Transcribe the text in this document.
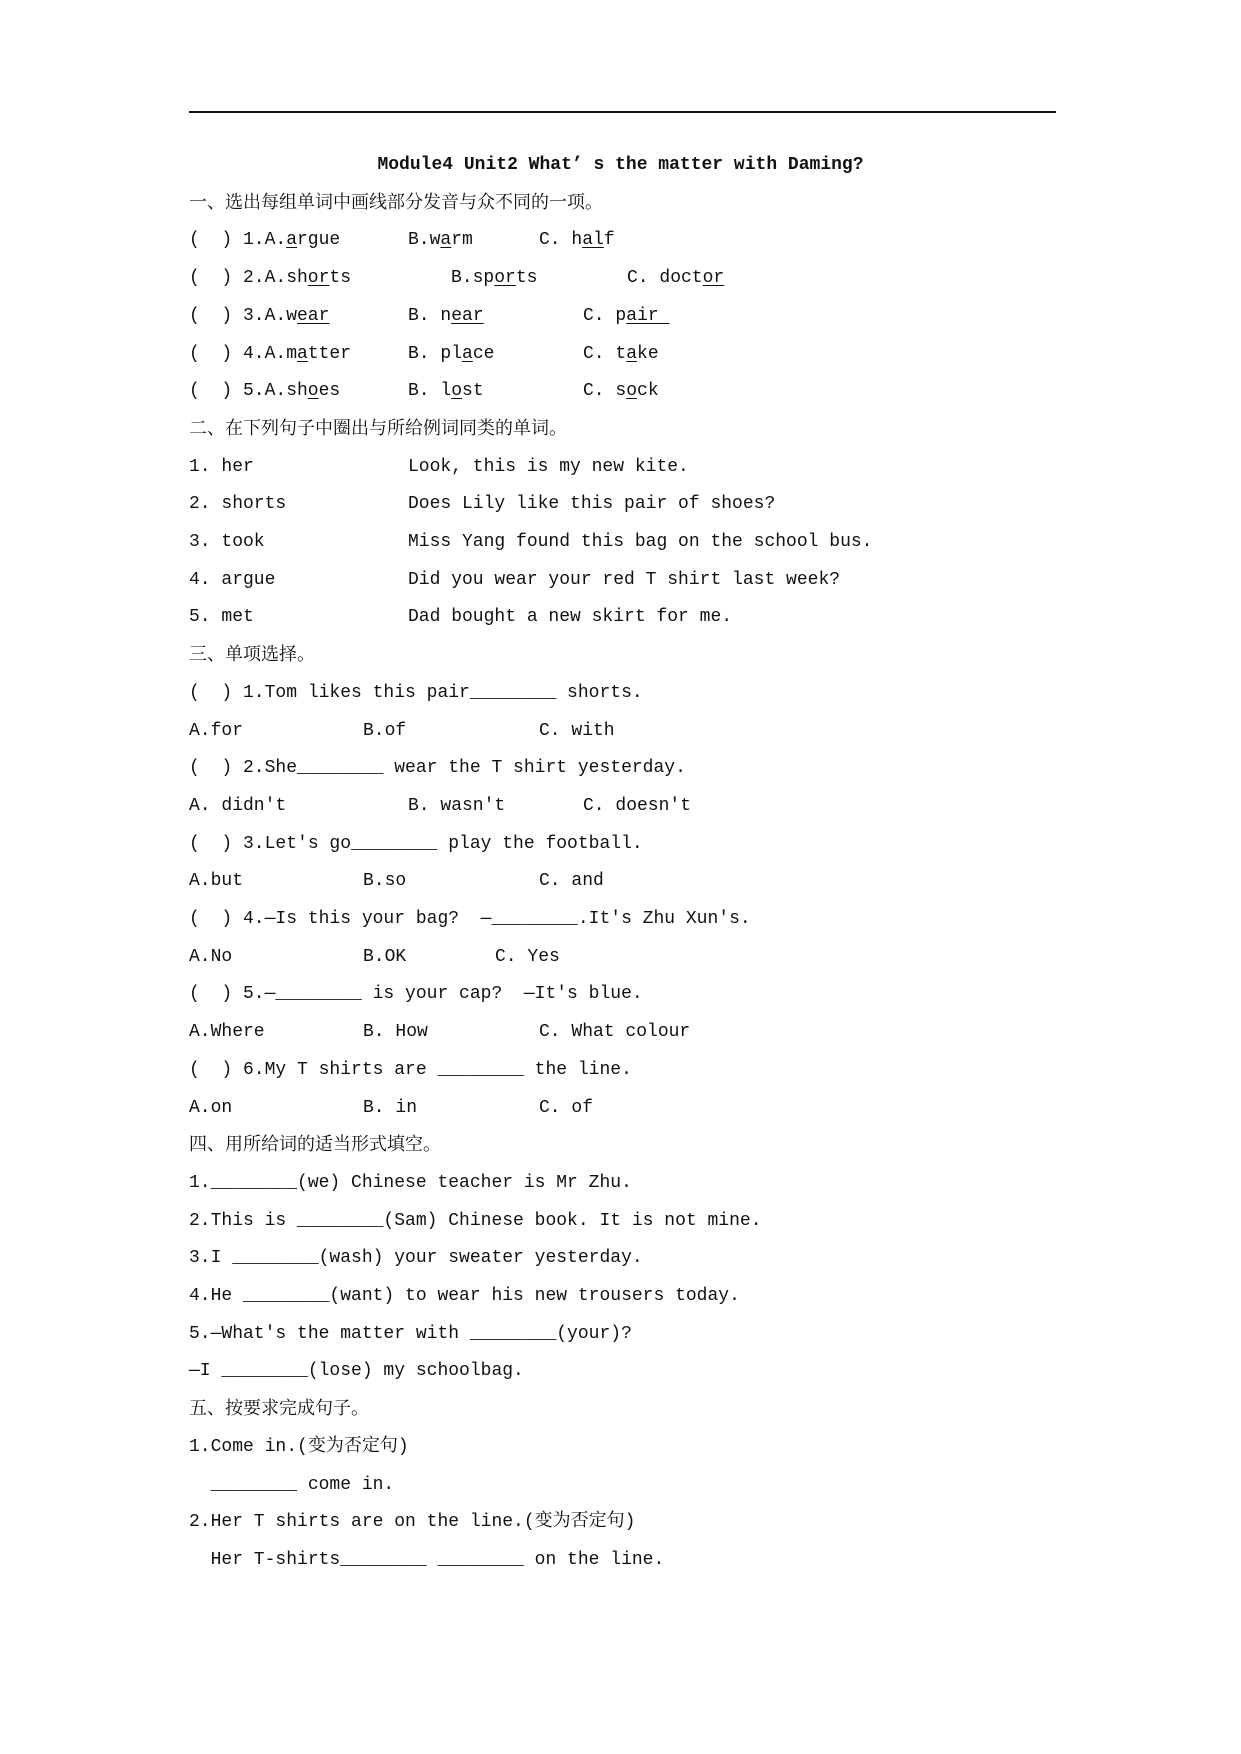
Module4 Unit2 What’ s the matter with Daming?
一、选出每组单词中画线部分发音与众不同的一项。
(  ) 1.A. argue	B.warm	C. half
(  ) 2.A. shorts	B.sports	C. doctor
(  ) 3.A. wear	B. near	C. pair
(  ) 4.A. matter	B. place	C. take
(  ) 5.A. shoes	B. lost	C. sock
二、在下列句子中圈出与所给例词同类的单词。
1. her	Look, this is my new kite.
2. shorts	Does Lily like this pair of shoes?
3. took	Miss Yang found this bag on the school bus.
4. argue	Did you wear your red T shirt last week?
5. met	Dad bought a new skirt for me.
三、单项选择。
(  ) 1.Tom likes this pair________ shorts.
A.for	B.of	C. with
(  ) 2.She________ wear the T shirt yesterday.
A. didn't	B. wasn't	C. doesn't
(  ) 3.Let's go________ play the football.
A.but	B.so	C. and
(  ) 4.—Is this your bag?  —________.It's Zhu Xun's.
A.No	B.OK	C. Yes
(  ) 5.—________ is your cap?  —It's blue.
A.Where	B. How	C. What colour
(  ) 6.My T shirts are ________ the line.
A.on	B. in	C. of
四、用所给词的适当形式填空。
1.________(we) Chinese teacher is Mr Zhu.
2.This is ________(Sam) Chinese book. It is not mine.
3.I ________(wash) your sweater yesterday.
4.He ________(want) to wear his new trousers today.
5.—What's the matter with ________(your)?
—I ________(lose) my schoolbag.
五、按要求完成句子。
1.Come in.(变为否定句)
________ come in.
2.Her T shirts are on the line.(变为否定句)
Her T-shirts________ ________ on the line.
